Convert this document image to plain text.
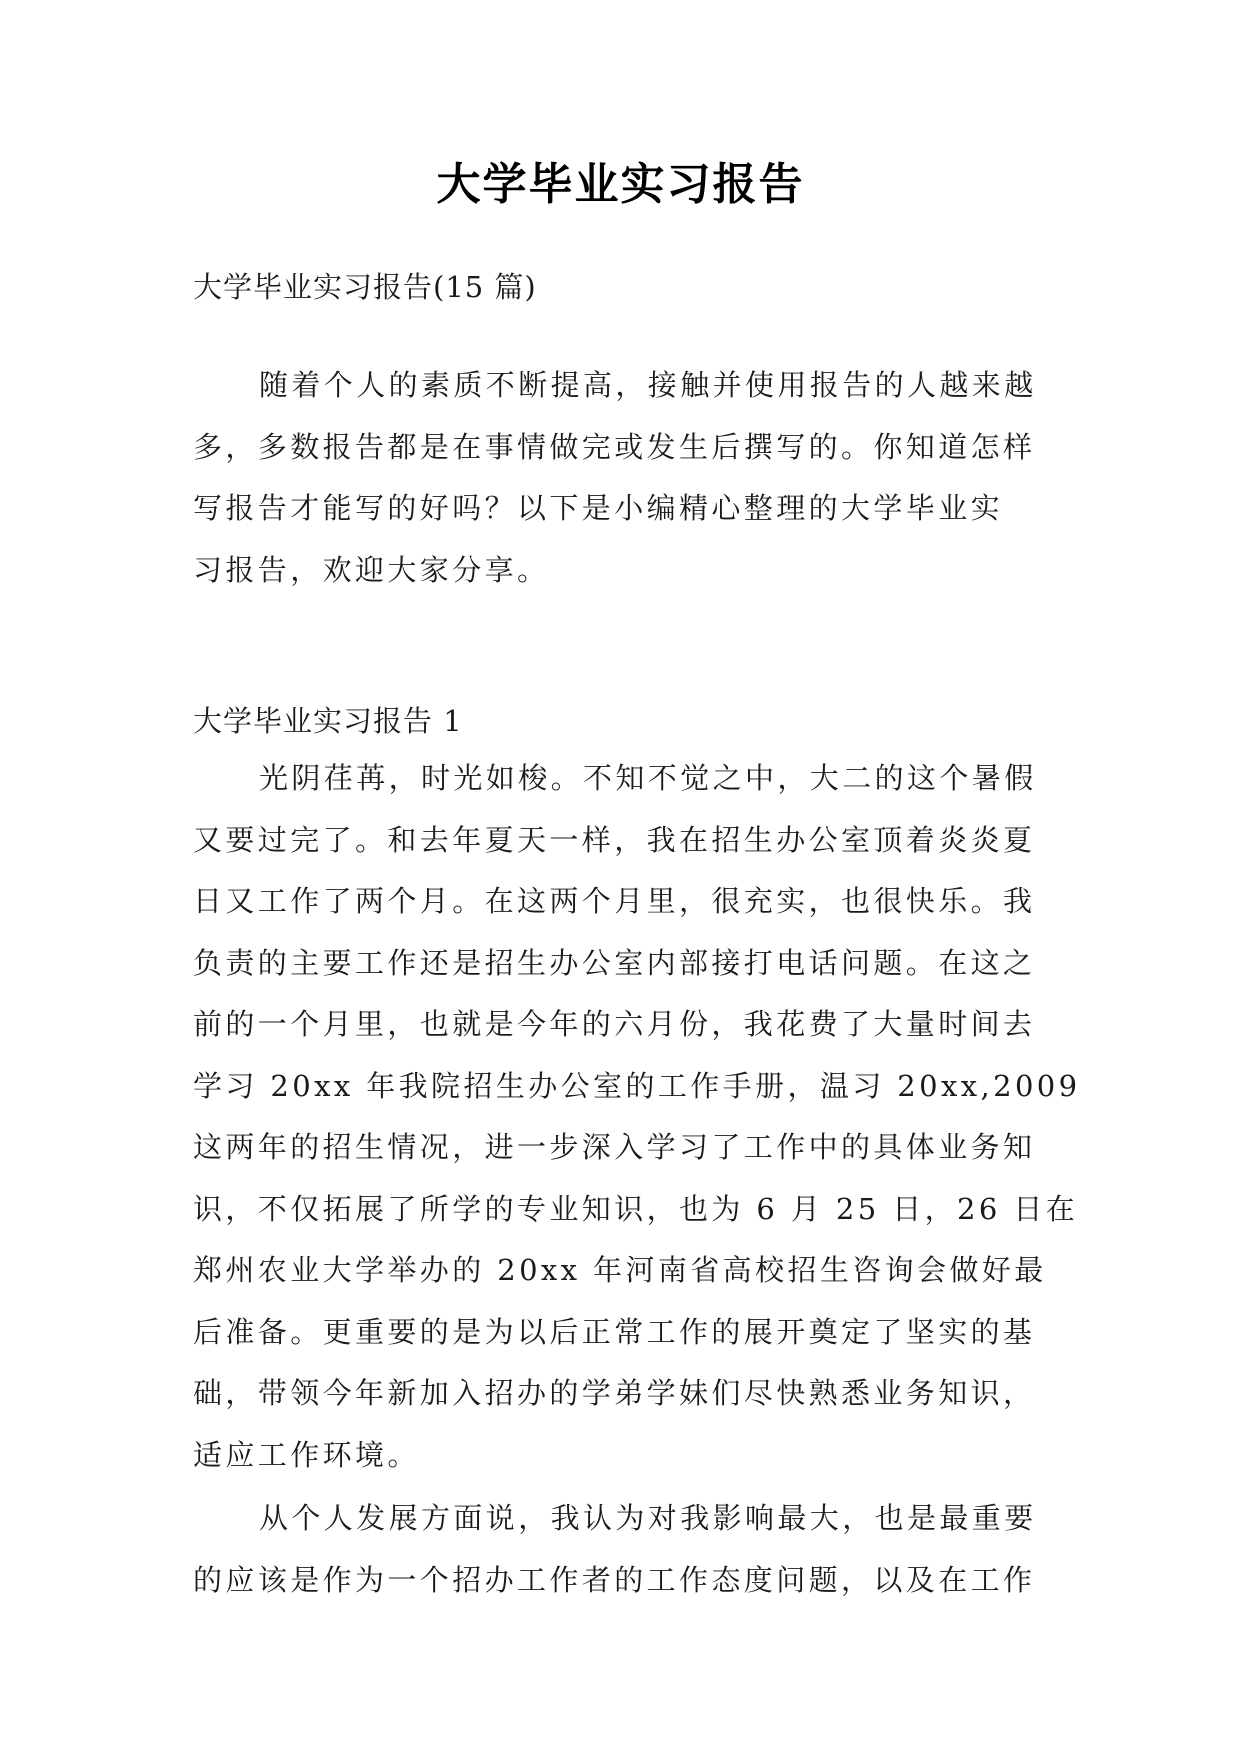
大学毕业实习报告

大学毕业实习报告(15 篇)

随着个人的素质不断提高，接触并使用报告的人越来越
多，多数报告都是在事情做完或发生后撰写的。你知道怎样
写报告才能写的好吗？以下是小编精心整理的大学毕业实
习报告，欢迎大家分享。

大学毕业实习报告 1

光阴荏苒，时光如梭。不知不觉之中，大二的这个暑假
又要过完了。和去年夏天一样，我在招生办公室顶着炎炎夏
日又工作了两个月。在这两个月里，很充实，也很快乐。我
负责的主要工作还是招生办公室内部接打电话问题。在这之
前的一个月里，也就是今年的六月份，我花费了大量时间去
学习 20xx 年我院招生办公室的工作手册，温习 20xx,2009
这两年的招生情况，进一步深入学习了工作中的具体业务知
识，不仅拓展了所学的专业知识，也为 6 月 25 日，26 日在
郑州农业大学举办的 20xx 年河南省高校招生咨询会做好最
后准备。更重要的是为以后正常工作的展开奠定了坚实的基
础，带领今年新加入招办的学弟学妹们尽快熟悉业务知识，
适应工作环境。
从个人发展方面说，我认为对我影响最大，也是最重要
的应该是作为一个招办工作者的工作态度问题，以及在工作
